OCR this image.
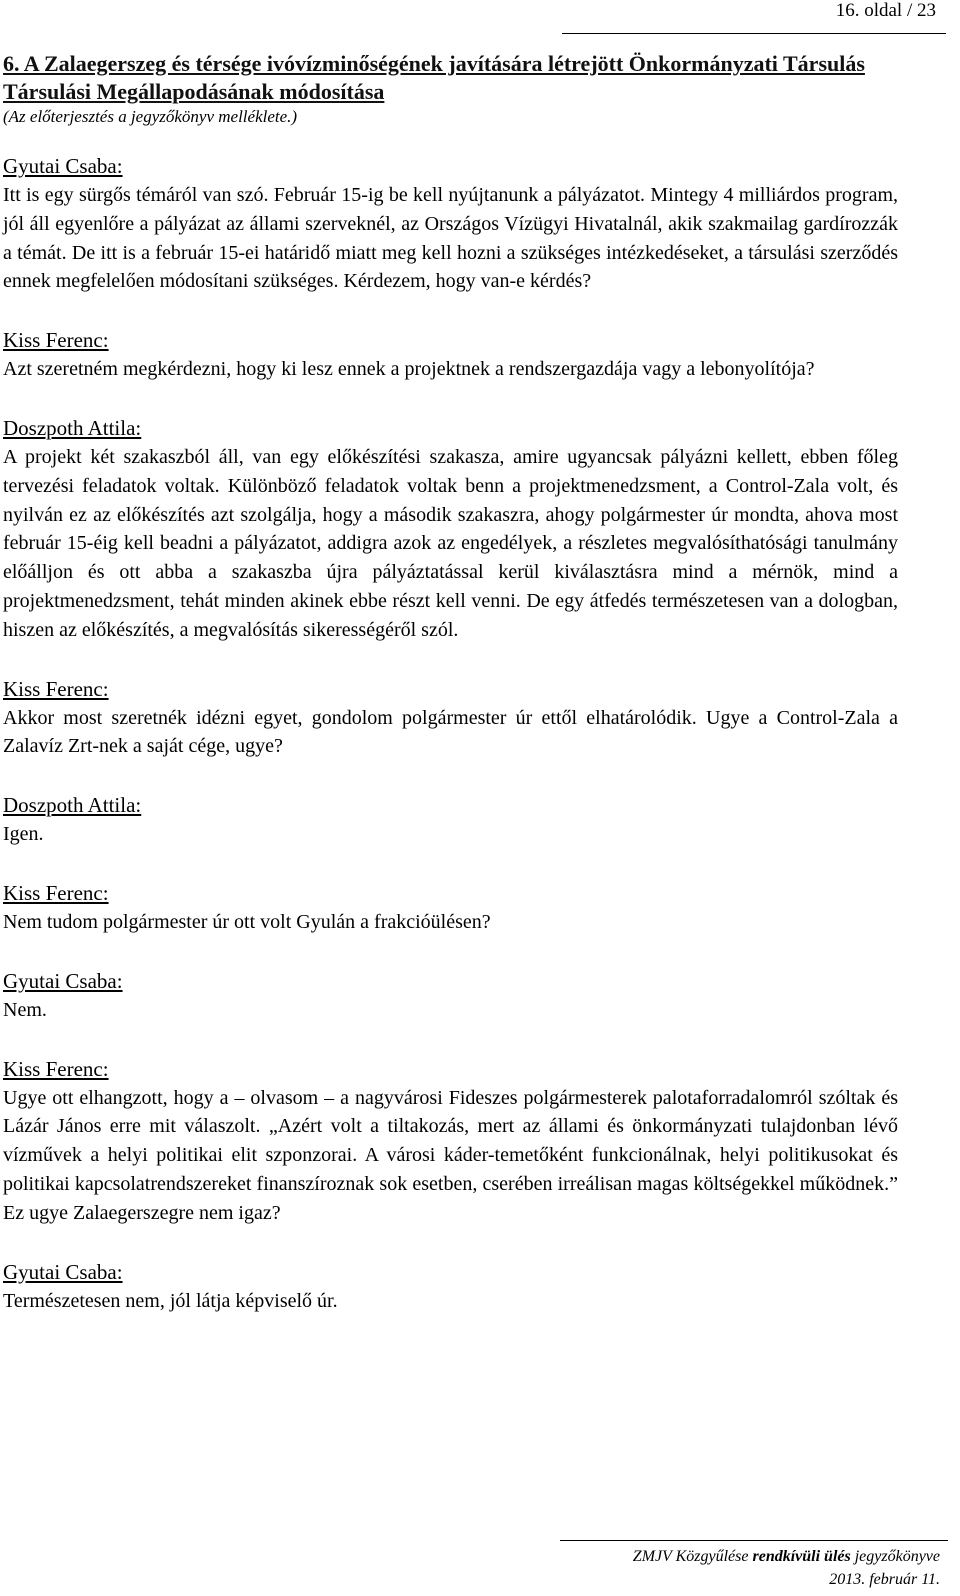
16. oldal / 23
6. A Zalaegerszeg és térsége ivóvízminőségének javítására létrejött Önkormányzati Társulás Társulási Megállapodásának módosítása

(Az előterjesztés a jegyzőkönyv melléklete.)

Gyutai Csaba:

Itt is egy sürgős témáról van szó. Február 15-ig be kell nyújtanunk a pályázatot. Mintegy 4 milliárdos program, jól áll egyenlőre a pályázat az állami szerveknél, az Országos Vízügyi Hivatalnál, akik szakmailag gardírozzák a témát. De itt is a február 15-ei határidő miatt meg kell hozni a szükséges intézkedéseket, a társulási szerződés ennek megfelelően módosítani szükséges. Kérdezem, hogy van-e kérdés?

Kiss Ferenc:

Azt szeretném megkérdezni, hogy ki lesz ennek a projektnek a rendszergazdája vagy a lebonyolítója?

Doszpoth Attila:

A projekt két szakaszból áll, van egy előkészítési szakasza, amire ugyancsak pályázni kellett, ebben főleg tervezési feladatok voltak. Különböző feladatok voltak benn a projektmenedzsment, a Control-Zala volt, és nyilván ez az előkészítés azt szolgálja, hogy a második szakaszra, ahogy polgármester úr mondta, ahova most február 15-éig kell beadni a pályázatot, addigra azok az engedélyek, a részletes megvalósíthatósági tanulmány előálljon és ott abba a szakaszba újra pályáztatással kerül kiválasztásra mind a mérnök, mind a projektmenedzsment, tehát minden akinek ebbe részt kell venni. De egy átfedés természetesen van a dologban, hiszen az előkészítés, a megvalósítás sikerességéről szól.

Kiss Ferenc:

Akkor most szeretnék idézni egyet, gondolom polgármester úr ettől elhatárolódik. Ugye a Control-Zala a Zalavíz Zrt-nek a saját cége, ugye?

Doszpoth Attila:

Igen.

Kiss Ferenc:

Nem tudom polgármester úr ott volt Gyulán a frakcióülésen?

Gyutai Csaba:

Nem.

Kiss Ferenc:

Ugye ott elhangzott, hogy a – olvasom – a nagyvárosi Fideszes polgármesterek palotaforradalomról szóltak és Lázár János erre mit válaszolt. „Azért volt a tiltakozás, mert az állami és önkormányzati tulajdonban lévő vízművek a helyi politikai elit szponzorai. A városi káder-temetőként funkcionálnak, helyi politikusokat és politikai kapcsolatrendszereket finanszíroznak sok esetben, cserében irreálisan magas költségekkel működnek.” Ez ugye Zalaegerszegre nem igaz?

Gyutai Csaba:

Természetesen nem, jól látja képviselő úr.

ZMJV Közgyűlése rendkívüli ülés jegyzőkönyve
2013. február 11.
